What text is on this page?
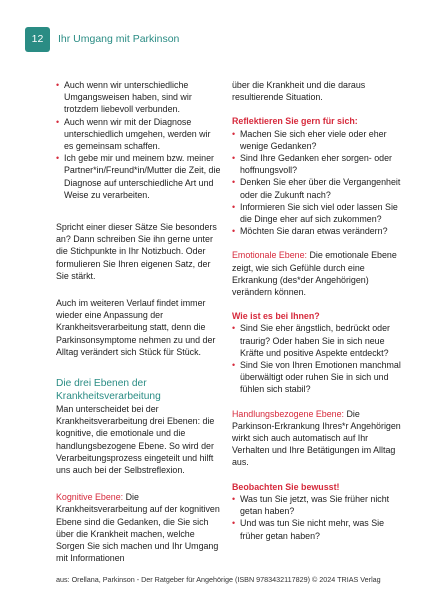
12	Ihr Umgang mit Parkinson
• Auch wenn wir unterschiedliche Umgangsweisen haben, sind wir trotzdem liebevoll verbunden.
• Auch wenn wir mit der Diagnose unterschiedlich umgehen, werden wir es gemeinsam schaffen.
• Ich gebe mir und meinem bzw. meiner Partner*in/Freund*in/Mutter die Zeit, die Diagnose auf unterschiedliche Art und Weise zu verarbeiten.

Spricht einer dieser Sätze Sie besonders an? Dann schreiben Sie ihn gerne unter die Stichpunkte in Ihr Notizbuch. Oder formulieren Sie Ihren eigenen Satz, der Sie stärkt.

Auch im weiteren Verlauf findet immer wieder eine Anpassung der Krankheitsverarbeitung statt, denn die Parkinsonsymptome nehmen zu und der Alltag verändert sich Stück für Stück.

Die drei Ebenen der Krankheitsverarbeitung

Man unterscheidet bei der Krankheitsverarbeitung drei Ebenen: die kognitive, die emotionale und die handlungsbezogene Ebene. So wird der Verarbeitungsprozess eingeteilt und hilft uns auch bei der Selbstreflexion.

Kognitive Ebene: Die Krankheitsverarbeitung auf der kognitiven Ebene sind die Gedanken, die Sie sich über die Krankheit machen, welche Sorgen Sie sich machen und Ihr Umgang mit Informationen

über die Krankheit und die daraus resultierende Situation.

Reflektieren Sie gern für sich:

• Machen Sie sich eher viele oder eher wenige Gedanken?
• Sind Ihre Gedanken eher sorgen- oder hoffnungsvoll?
• Denken Sie eher über die Vergangenheit oder die Zukunft nach?
• Informieren Sie sich viel oder lassen Sie die Dinge eher auf sich zukommen?
• Möchten Sie daran etwas verändern?

Emotionale Ebene: Die emotionale Ebene zeigt, wie sich Gefühle durch eine Erkrankung (des*der Angehörigen) verändern können.

Wie ist es bei Ihnen?

• Sind Sie eher ängstlich, bedrückt oder traurig? Oder haben Sie in sich neue Kräfte und positive Aspekte entdeckt?
• Sind Sie von Ihren Emotionen manchmal überwältigt oder ruhen Sie in sich und fühlen sich stabil?

Handlungsbezogene Ebene: Die Parkinson-Erkrankung Ihres*r Angehörigen wirkt sich auch automatisch auf Ihr Verhalten und Ihre Betätigungen im Alltag aus.

Beobachten Sie bewusst!

• Was tun Sie jetzt, was Sie früher nicht getan haben?
• Und was tun Sie nicht mehr, was Sie früher getan haben?
aus: Orellana, Parkinson - Der Ratgeber für Angehörige (ISBN 9783432117829) © 2024 TRIAS Verlag
